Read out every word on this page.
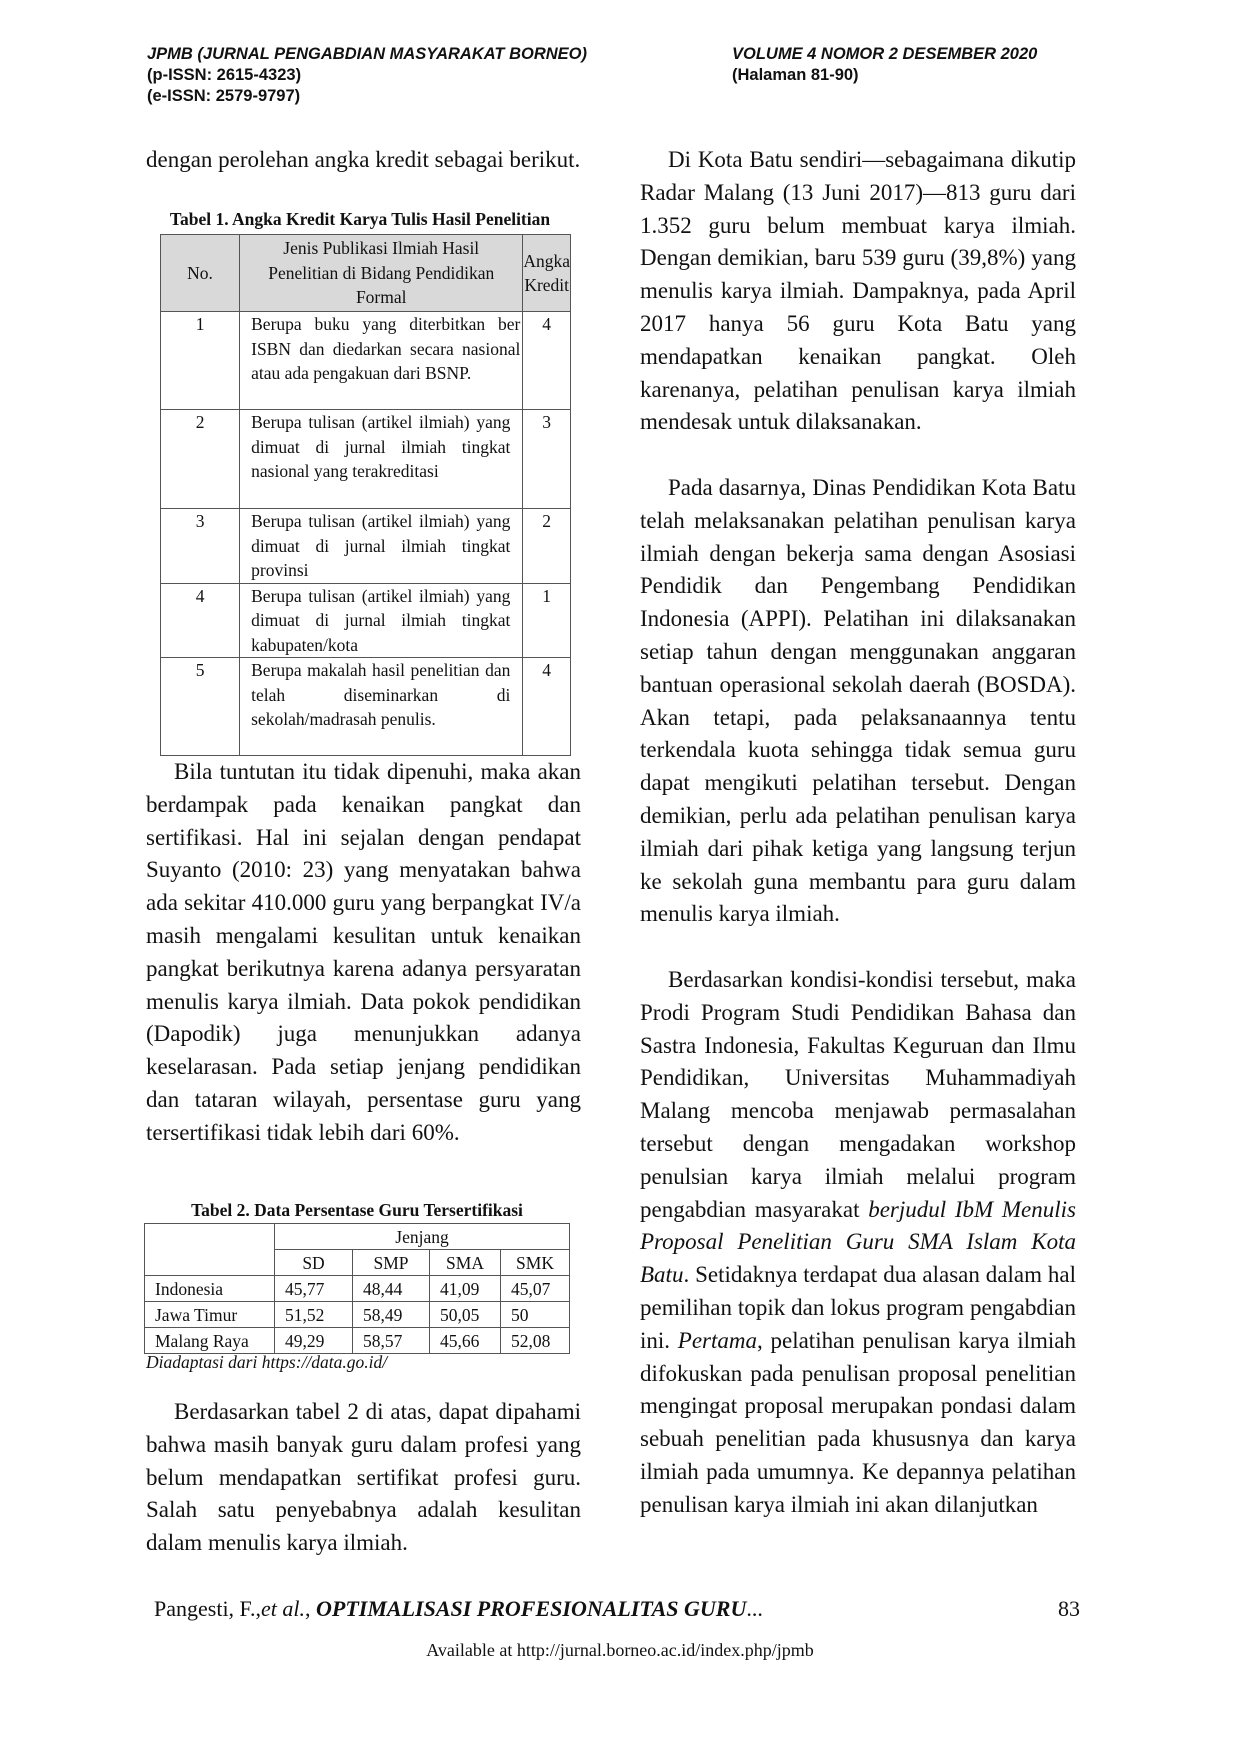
JPMB (JURNAL PENGABDIAN MASYARAKAT BORNEO)
(p-ISSN: 2615-4323)
(e-ISSN: 2579-9797)
VOLUME 4 NOMOR 2 DESEMBER 2020
(Halaman 81-90)

dengan perolehan angka kredit sebagai berikut.

Tabel 1. Angka Kredit Karya Tulis Hasil Penelitian
No.	Jenis Publikasi Ilmiah Hasil Penelitian di Bidang Pendidikan Formal	Angka Kredit
1	Berupa buku yang diterbitkan ber ISBN dan diedarkan secara nasional atau ada pengakuan dari BSNP.	4
2	Berupa tulisan (artikel ilmiah) yang dimuat di jurnal ilmiah tingkat nasional yang terakreditasi	3
3	Berupa tulisan (artikel ilmiah) yang dimuat di jurnal ilmiah tingkat provinsi	2
4	Berupa tulisan (artikel ilmiah) yang dimuat di jurnal ilmiah tingkat kabupaten/kota	1
5	Berupa makalah hasil penelitian dan telah diseminarkan di sekolah/madrasah penulis.	4

Bila tuntutan itu tidak dipenuhi, maka akan berdampak pada kenaikan pangkat dan sertifikasi. Hal ini sejalan dengan pendapat Suyanto (2010: 23) yang menyatakan bahwa ada sekitar 410.000 guru yang berpangkat IV/a masih mengalami kesulitan untuk kenaikan pangkat berikutnya karena adanya persyaratan menulis karya ilmiah. Data pokok pendidikan (Dapodik) juga menunjukkan adanya keselarasan. Pada setiap jenjang pendidikan dan tataran wilayah, persentase guru yang tersertifikasi tidak lebih dari 60%.

Tabel 2. Data Persentase Guru Tersertifikasi
	Jenjang			
	SD	SMP	SMA	SMK
Indonesia	45,77	48,44	41,09	45,07
Jawa Timur	51,52	58,49	50,05	50
Malang Raya	49,29	58,57	45,66	52,08
Diadaptasi dari https://data.go.id/

Berdasarkan tabel 2 di atas, dapat dipahami bahwa masih banyak guru dalam profesi yang belum mendapatkan sertifikat profesi guru. Salah satu penyebabnya adalah kesulitan dalam menulis karya ilmiah.

Di Kota Batu sendiri—sebagaimana dikutip Radar Malang (13 Juni 2017)—813 guru dari 1.352 guru belum membuat karya ilmiah. Dengan demikian, baru 539 guru (39,8%) yang menulis karya ilmiah. Dampaknya, pada April 2017 hanya 56 guru Kota Batu yang mendapatkan kenaikan pangkat. Oleh karenanya, pelatihan penulisan karya ilmiah mendesak untuk dilaksanakan.

Pada dasarnya, Dinas Pendidikan Kota Batu telah melaksanakan pelatihan penulisan karya ilmiah dengan bekerja sama dengan Asosiasi Pendidik dan Pengembang Pendidikan Indonesia (APPI). Pelatihan ini dilaksanakan setiap tahun dengan menggunakan anggaran bantuan operasional sekolah daerah (BOSDA). Akan tetapi, pada pelaksanaannya tentu terkendala kuota sehingga tidak semua guru dapat mengikuti pelatihan tersebut. Dengan demikian, perlu ada pelatihan penulisan karya ilmiah dari pihak ketiga yang langsung terjun ke sekolah guna membantu para guru dalam menulis karya ilmiah.

Berdasarkan kondisi-kondisi tersebut, maka Prodi Program Studi Pendidikan Bahasa dan Sastra Indonesia, Fakultas Keguruan dan Ilmu Pendidikan, Universitas Muhammadiyah Malang mencoba menjawab permasalahan tersebut dengan mengadakan workshop penulsian karya ilmiah melalui program pengabdian masyarakat berjudul IbM Menulis Proposal Penelitian Guru SMA Islam Kota Batu. Setidaknya terdapat dua alasan dalam hal pemilihan topik dan lokus program pengabdian ini. Pertama, pelatihan penulisan karya ilmiah difokuskan pada penulisan proposal penelitian mengingat proposal merupakan pondasi dalam sebuah penelitian pada khususnya dan karya ilmiah pada umumnya. Ke depannya pelatihan penulisan karya ilmiah ini akan dilanjutkan

Pangesti, F.,et al., OPTIMALISASI PROFESIONALITAS GURU...	83
Available at http://jurnal.borneo.ac.id/index.php/jpmb
